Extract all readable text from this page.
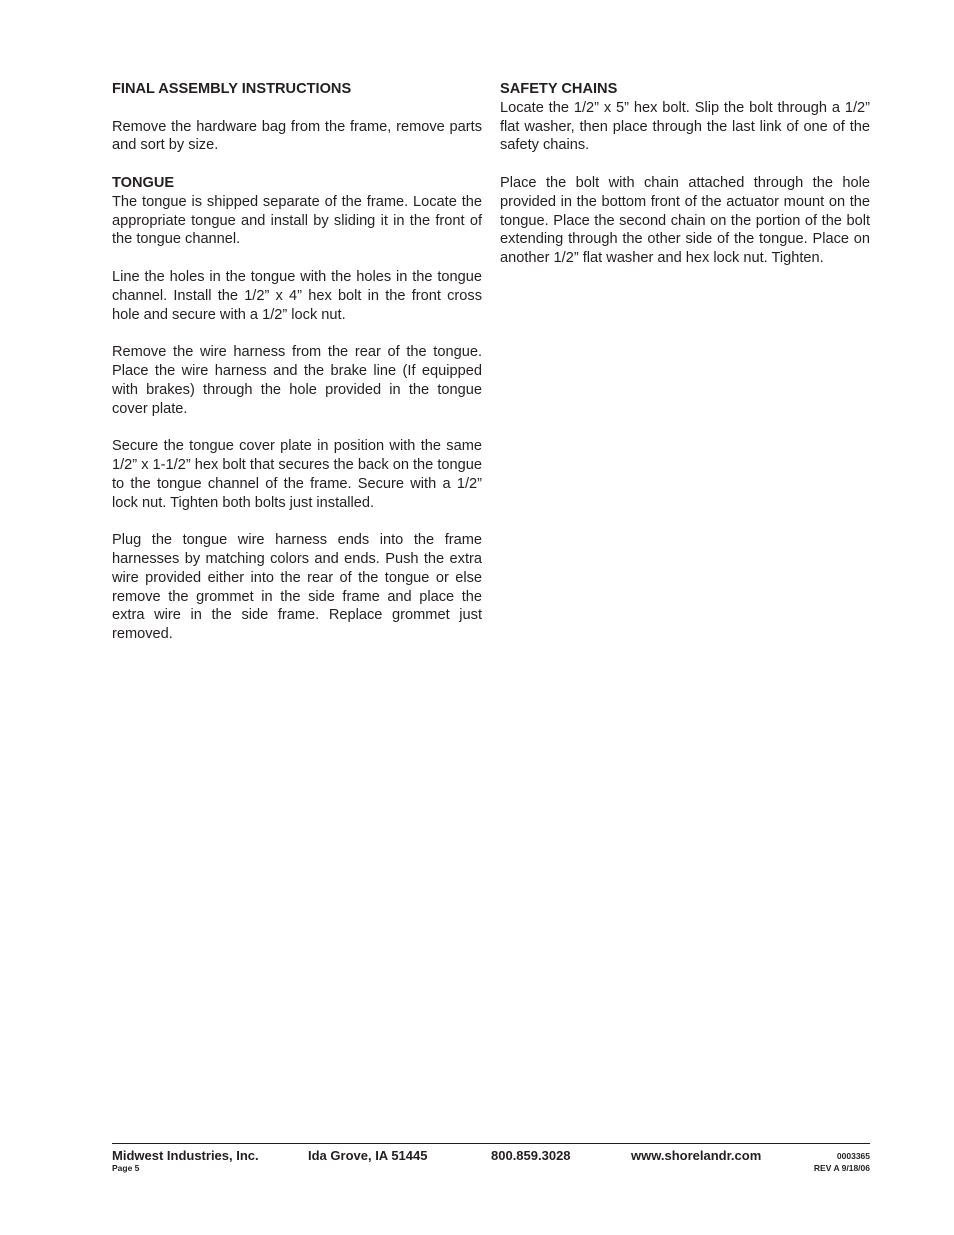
FINAL ASSEMBLY INSTRUCTIONS

Remove the hardware bag from the frame, remove parts and sort by size.

TONGUE

The tongue is shipped separate of the frame. Locate the appropriate tongue and install by sliding it in the front of the tongue channel.

Line the holes in the tongue with the holes in the tongue channel. Install the 1/2” x 4” hex bolt in the front cross hole and secure with a 1/2” lock nut.

Remove the wire harness from the rear of the tongue. Place the wire harness and the brake line (If equipped with brakes) through the hole provided in the tongue cover plate.

Secure the tongue cover plate in position with the same 1/2” x 1-1/2” hex bolt that secures the back on the tongue to the tongue channel of the frame. Secure with a 1/2” lock nut. Tighten both bolts just installed.

Plug the tongue wire harness ends into the frame harnesses by matching colors and ends. Push the extra wire provided either into the rear of the tongue or else remove the grommet in the side frame and place the extra wire in the side frame. Replace grommet just removed.

SAFETY CHAINS

Locate the 1/2” x 5” hex bolt. Slip the bolt through a 1/2” flat washer, then place through the last link of one of the safety chains.

Place the bolt with chain attached through the hole provided in the bottom front of the actuator mount on the tongue. Place the second chain on the portion of the bolt extending through the other side of the tongue. Place on another 1/2” flat washer and hex lock nut. Tighten.

Midwest Industries, Inc.	Ida Grove, IA 51445	800.859.3028	www.shorelandr.com	0003365
Page 5	REV A 9/18/06
